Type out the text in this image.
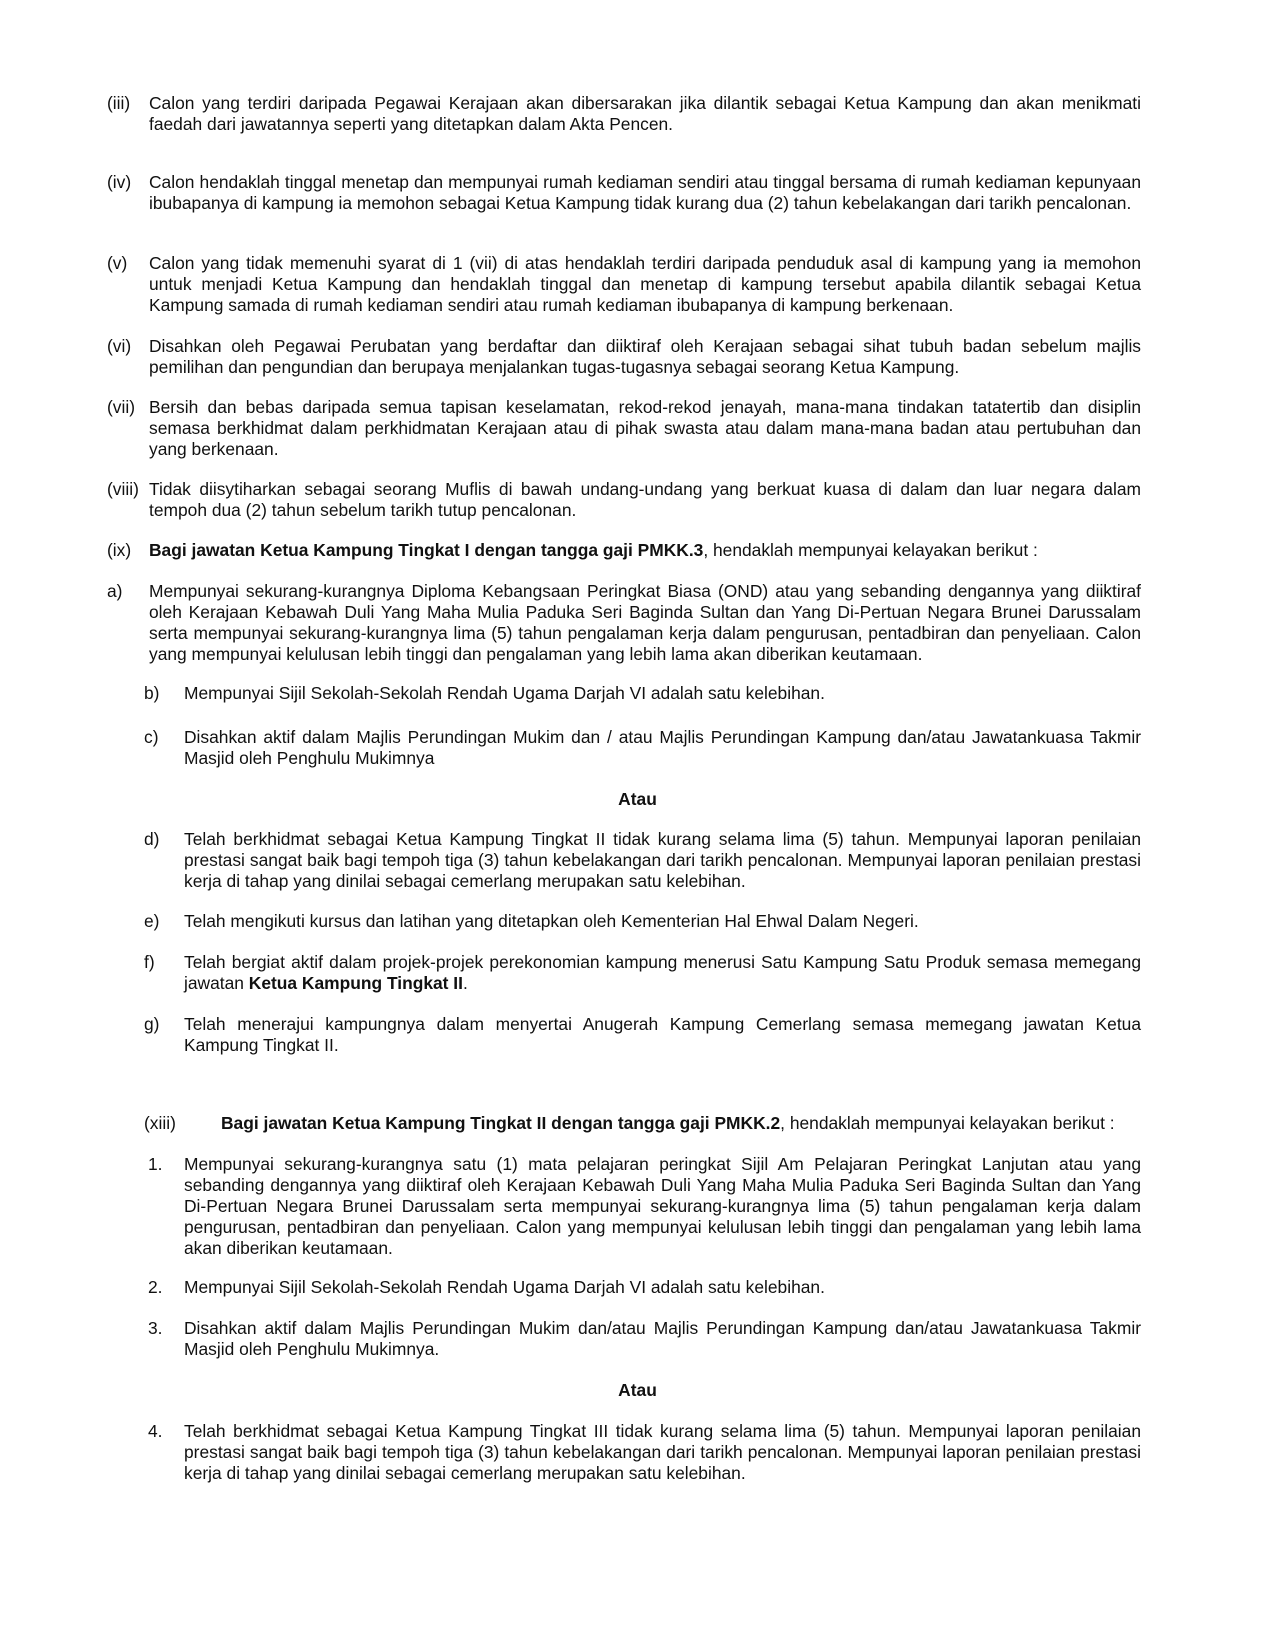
(iii) Calon yang terdiri daripada Pegawai Kerajaan akan dibersarakan jika dilantik sebagai Ketua Kampung dan akan menikmati faedah dari jawatannya seperti yang ditetapkan dalam Akta Pencen.
(iv) Calon hendaklah tinggal menetap dan mempunyai rumah kediaman sendiri atau tinggal bersama di rumah kediaman kepunyaan ibubapanya di kampung ia memohon sebagai Ketua Kampung tidak kurang dua (2) tahun kebelakangan dari tarikh pencalonan.
(v) Calon yang tidak memenuhi syarat di 1 (vii) di atas hendaklah terdiri daripada penduduk asal di kampung yang ia memohon untuk menjadi Ketua Kampung dan hendaklah tinggal dan menetap di kampung tersebut apabila dilantik sebagai Ketua Kampung samada di rumah kediaman sendiri atau rumah kediaman ibubapanya di kampung berkenaan.
(vi) Disahkan oleh Pegawai Perubatan yang berdaftar dan diiktiraf oleh Kerajaan sebagai sihat tubuh badan sebelum majlis pemilihan dan pengundian dan berupaya menjalankan tugas-tugasnya sebagai seorang Ketua Kampung.
(vii) Bersih dan bebas daripada semua tapisan keselamatan, rekod-rekod jenayah, mana-mana tindakan tatatertib dan disiplin semasa berkhidmat dalam perkhidmatan Kerajaan atau di pihak swasta atau dalam mana-mana badan atau pertubuhan dan yang berkenaan.
(viii) Tidak diisytiharkan sebagai seorang Muflis di bawah undang-undang yang berkuat kuasa di dalam dan luar negara dalam tempoh dua (2) tahun sebelum tarikh tutup pencalonan.
(ix) Bagi jawatan Ketua Kampung Tingkat I dengan tangga gaji PMKK.3, hendaklah mempunyai kelayakan berikut :
a) Mempunyai sekurang-kurangnya Diploma Kebangsaan Peringkat Biasa (OND) atau yang sebanding dengannya yang diiktiraf oleh Kerajaan Kebawah Duli Yang Maha Mulia Paduka Seri Baginda Sultan dan Yang Di-Pertuan Negara Brunei Darussalam serta mempunyai sekurang-kurangnya lima (5) tahun pengalaman kerja dalam pengurusan, pentadbiran dan penyeliaan. Calon yang mempunyai kelulusan lebih tinggi dan pengalaman yang lebih lama akan diberikan keutamaan.
b) Mempunyai Sijil Sekolah-Sekolah Rendah Ugama Darjah VI adalah satu kelebihan.
c) Disahkan aktif dalam Majlis Perundingan Mukim dan / atau Majlis Perundingan Kampung dan/atau Jawatankuasa Takmir Masjid oleh Penghulu Mukimnya
Atau
d) Telah berkhidmat sebagai Ketua Kampung Tingkat II tidak kurang selama lima (5) tahun. Mempunyai laporan penilaian prestasi sangat baik bagi tempoh tiga (3) tahun kebelakangan dari tarikh pencalonan. Mempunyai laporan penilaian prestasi kerja di tahap yang dinilai sebagai cemerlang merupakan satu kelebihan.
e) Telah mengikuti kursus dan latihan yang ditetapkan oleh Kementerian Hal Ehwal Dalam Negeri.
f) Telah bergiat aktif dalam projek-projek perekonomian kampung menerusi Satu Kampung Satu Produk semasa memegang jawatan Ketua Kampung Tingkat II.
g) Telah menerajui kampungnya dalam menyertai Anugerah Kampung Cemerlang semasa memegang jawatan Ketua Kampung Tingkat II.
(xiii)	Bagi jawatan Ketua Kampung Tingkat II dengan tangga gaji PMKK.2, hendaklah mempunyai kelayakan berikut :
1. Mempunyai sekurang-kurangnya satu (1) mata pelajaran peringkat Sijil Am Pelajaran Peringkat Lanjutan atau yang sebanding dengannya yang diiktiraf oleh Kerajaan Kebawah Duli Yang Maha Mulia Paduka Seri Baginda Sultan dan Yang Di-Pertuan Negara Brunei Darussalam serta mempunyai sekurang-kurangnya lima (5) tahun pengalaman kerja dalam pengurusan, pentadbiran dan penyeliaan. Calon yang mempunyai kelulusan lebih tinggi dan pengalaman yang lebih lama akan diberikan keutamaan.
2. Mempunyai Sijil Sekolah-Sekolah Rendah Ugama Darjah VI adalah satu kelebihan.
3. Disahkan aktif dalam Majlis Perundingan Mukim dan/atau Majlis Perundingan Kampung dan/atau Jawatankuasa Takmir Masjid oleh Penghulu Mukimnya.
Atau
4. Telah berkhidmat sebagai Ketua Kampung Tingkat III tidak kurang selama lima (5) tahun. Mempunyai laporan penilaian prestasi sangat baik bagi tempoh tiga (3) tahun kebelakangan dari tarikh pencalonan. Mempunyai laporan penilaian prestasi kerja di tahap yang dinilai sebagai cemerlang merupakan satu kelebihan.
